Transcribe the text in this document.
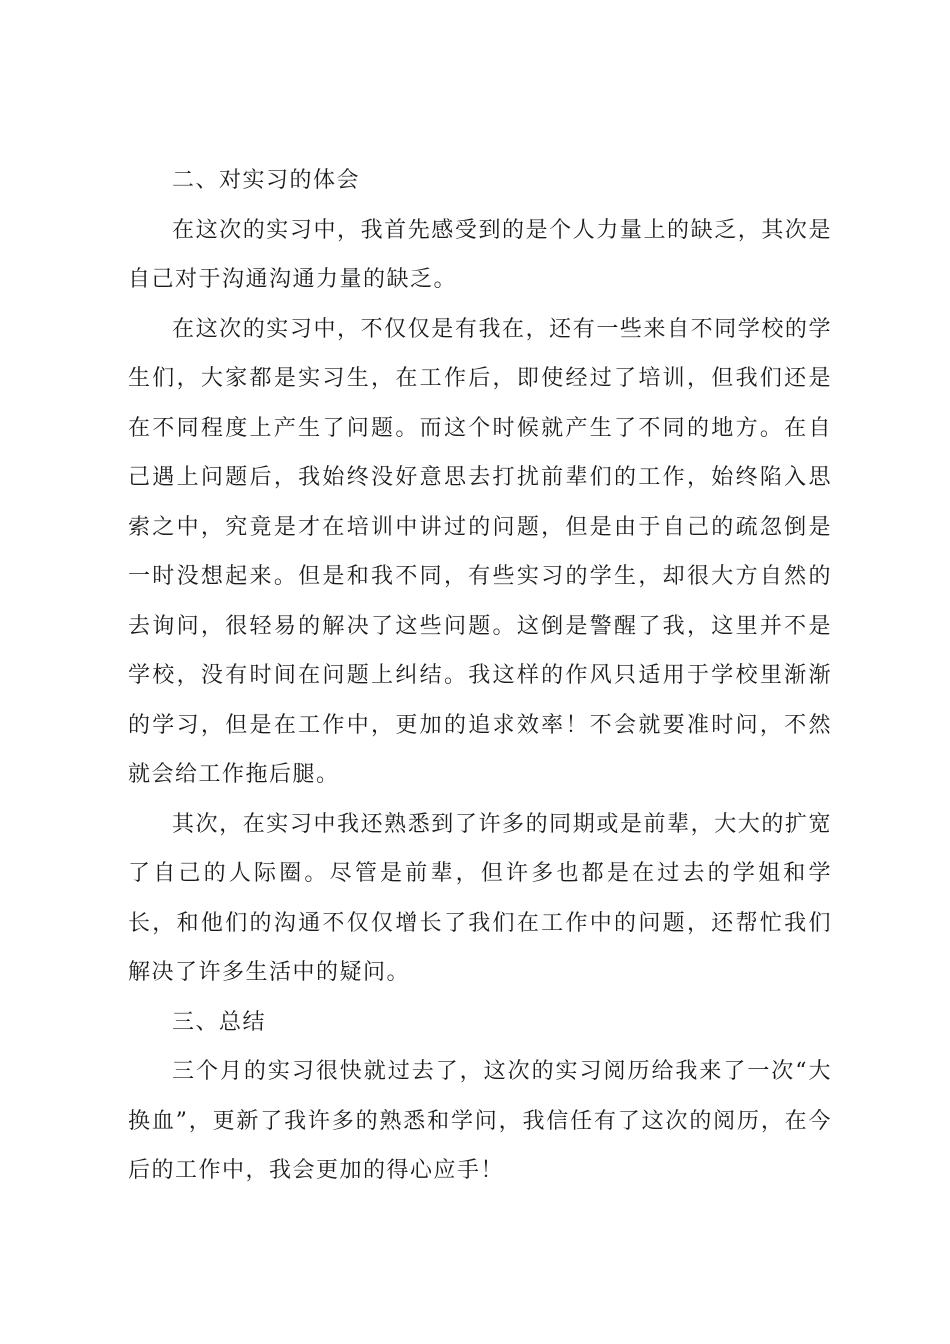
二、对实习的体会

在这次的实习中，我首先感受到的是个人力量上的缺乏，其次是自己对于沟通沟通力量的缺乏。

在这次的实习中，不仅仅是有我在，还有一些来自不同学校的学生们，大家都是实习生，在工作后，即使经过了培训，但我们还是在不同程度上产生了问题。而这个时候就产生了不同的地方。在自己遇上问题后，我始终没好意思去打扰前辈们的工作，始终陷入思索之中，究竟是才在培训中讲过的问题，但是由于自己的疏忽倒是一时没想起来。但是和我不同，有些实习的学生，却很大方自然的去询问，很轻易的解决了这些问题。这倒是警醒了我，这里并不是学校，没有时间在问题上纠结。我这样的作风只适用于学校里渐渐的学习，但是在工作中，更加的追求效率！不会就要准时问，不然就会给工作拖后腿。

其次，在实习中我还熟悉到了许多的同期或是前辈，大大的扩宽了自己的人际圈。尽管是前辈，但许多也都是在过去的学姐和学长，和他们的沟通不仅仅增长了我们在工作中的问题，还帮忙我们解决了许多生活中的疑问。

三、总结

三个月的实习很快就过去了，这次的实习阅历给我来了一次“大换血”，更新了我许多的熟悉和学问，我信任有了这次的阅历，在今后的工作中，我会更加的得心应手！
